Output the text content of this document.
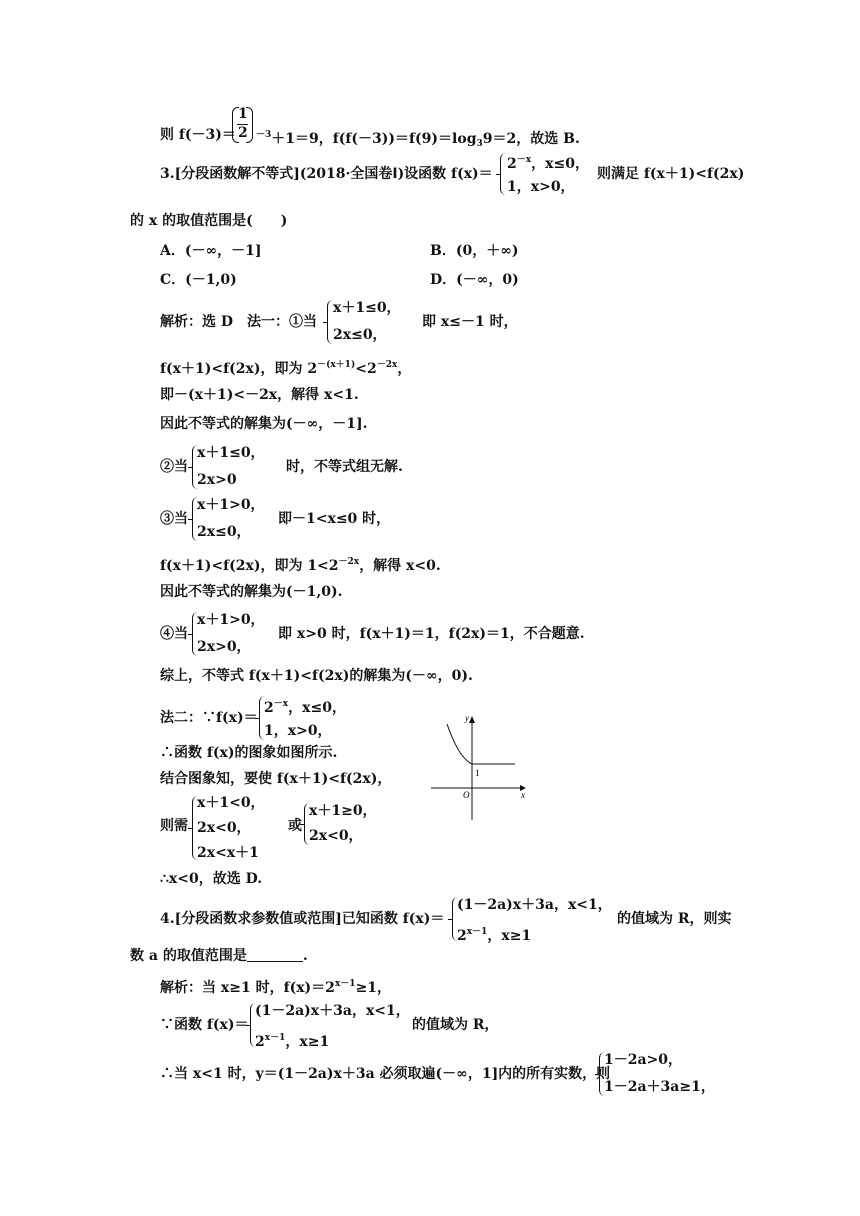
则 f(－3)＝
1
2 $^{-3}$＋1＝9，$f(f(-3))=f(9)=\log_39=2$，故选 B.
3.[分段函数解不等式](2018·全国卷Ⅰ)设函数 f(x)＝
$2^{-x}$，x≤0，
1，x>0，
则满足 f(x＋1)<f(2x)
的 x 的取值范围是(　　)
A．(－∞，－1]	B．(0，＋∞)
C．(－1,0)	D．(－∞，0)
解析：选 D　法一：①当
x＋1≤0，
2x≤0，
即 x≤－1 时，
f(x＋1)<f(2x)，即为 $2^{-(x+1)}<2^{-2x}$，
即－(x＋1)<－2x，解得 x<1.
因此不等式的解集为(－∞，－1].
②当
x＋1≤0，
2x>0
时，不等式组无解.
③当
x＋1>0，
2x≤0，
即－1<x≤0 时，
f(x＋1)<f(2x)，即为 $1<2^{-2x}$，解得 x<0.
因此不等式的解集为(－1,0).
④当
x＋1>0，
2x>0，
即 x>0 时，f(x＋1)＝1，f(2x)＝1，不合题意.
综上，不等式 f(x＋1)<f(2x)的解集为(－∞，0).
法二：∵f(x)＝
$2^{-x}$，x≤0，
1，x>0，
∴函数 f(x)的图象如图所示.
结合图象知，要使 f(x＋1)<f(2x)，
则需
x＋1<0，
2x<0，
2x<x＋1
或
x＋1≥0，
2x<0，
∴x<0，故选 D.
y
x
O
1
4.[分段函数求参数值或范围]已知函数 f(x)＝
(1－2a)x＋3a，x<1，
$2^{x-1}$，x≥1
的值域为 R，则实
数 a 的取值范围是	.
解析：当 x≥1 时，$f(x)=2^{x-1}\ge 1$，
∵函数 f(x)＝
(1－2a)x＋3a，x<1，
$2^{x-1}$，x≥1
的值域为 R，
∴当 x<1 时，y＝(1－2a)x＋3a 必须取遍(－∞，1]内的所有实数，则
1－2a>0，
1－2a＋3a≥1，
